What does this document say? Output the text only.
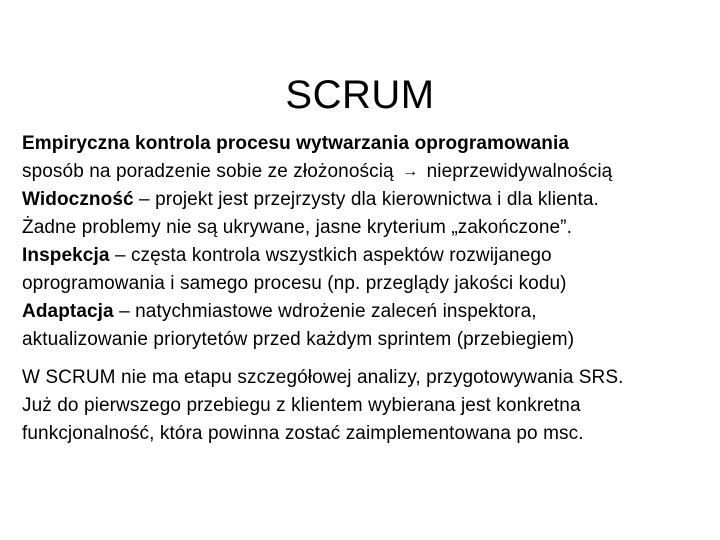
SCRUM

Empiryczna kontrola procesu wytwarzania oprogramowania

sposób na poradzenie sobie ze złożonością → nieprzewidywalnością

Widoczność – projekt jest przejrzysty dla kierownictwa i dla klienta.

Żadne problemy nie są ukrywane, jasne kryterium „zakończone”.

Inspekcja – częsta kontrola wszystkich aspektów rozwijanego

oprogramowania i samego procesu (np. przeglądy jakości kodu)

Adaptacja – natychmiastowe wdrożenie zaleceń inspektora,

aktualizowanie priorytetów przed każdym sprintem (przebiegiem)

W SCRUM nie ma etapu szczegółowej analizy, przygotowywania SRS.

Już do pierwszego przebiegu z klientem wybierana jest konkretna

funkcjonalność, która powinna zostać zaimplementowana po msc.
